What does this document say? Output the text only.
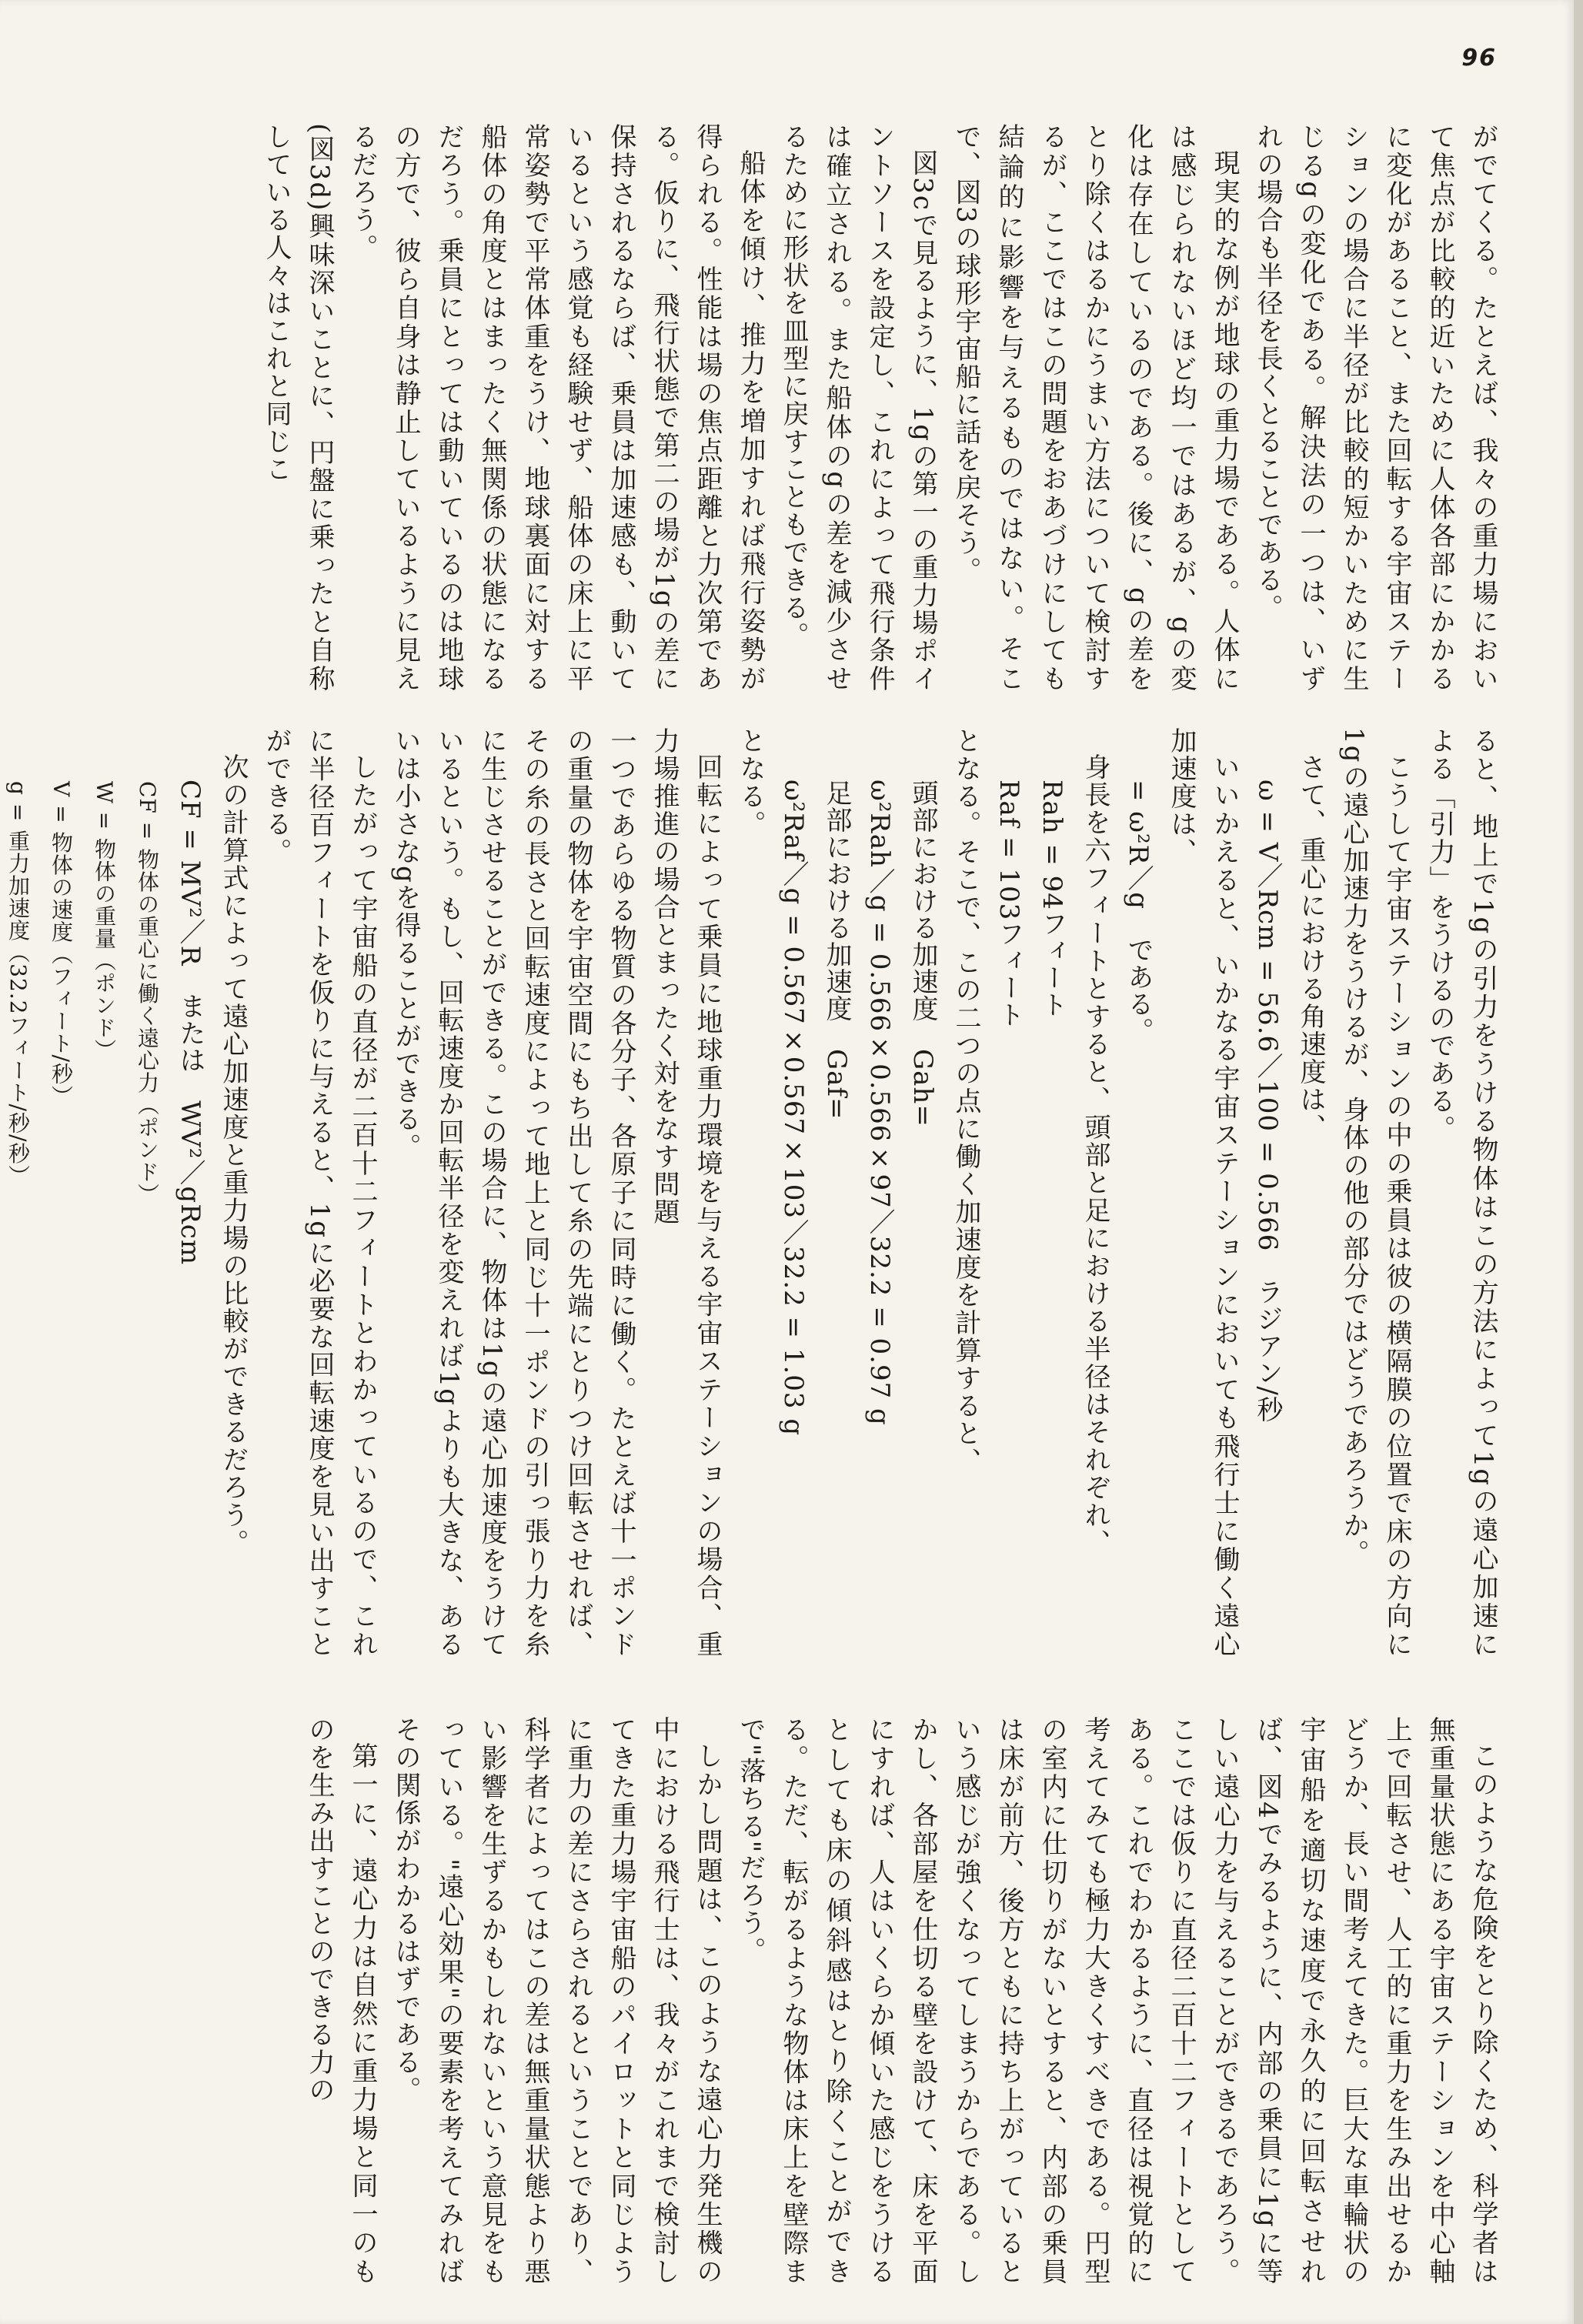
96

がでてくる。たとえば、我々の重力場において焦点が比較的近いために人体各部にかかるに変化があること、また回転する宇宙ステーションの場合に半径が比較的短かいために生じるgの変化である。解決法の一つは、いずれの場合も半径を長くとることである。

現実的な例が地球の重力場である。人体には感じられないほど均一ではあるが、gの変化は存在しているのである。後に、gの差をとり除くはるかにうまい方法について検討するが、ここではこの問題をおあづけにしても結論的に影響を与えるものではない。そこで、図3の球形宇宙船に話を戻そう。

図3cで見るように、1gの第一の重力場ポイントソースを設定し、これによって飛行条件は確立される。また船体のgの差を減少させるために形状を皿型に戻すこともできる。

船体を傾け、推力を増加すれば飛行姿勢が得られる。性能は場の焦点距離と力次第である。仮りに、飛行状態で第二の場が1gの差に保持されるならば、乗員は加速感も、動いているという感覚も経験せず、船体の床上に平常姿勢で平常体重をうけ、地球裏面に対する船体の角度とはまったく無関係の状態になるだろう。乗員にとっては動いているのは地球の方で、彼ら自身は静止しているように見えるだろう。

(図3d)興味深いことに、円盤に乗ったと自称している人々はこれと同じこ

ると、地上で1gの引力をうける物体はこの方法によって1gの遠心加速による「引力」をうけるのである。

こうして宇宙ステーションの中の乗員は彼の横隔膜の位置で床の方向に1gの遠心加速力をうけるが、身体の他の部分ではどうであろうか。

さて、重心における角速度は、

ω = V／Rcm = 56.6／100 = 0.566　ラジアン/秒

いいかえると、いかなる宇宙ステーションにおいても飛行士に働く遠心加速度は、

= ω²R／g　である。

身長を六フィートとすると、頭部と足における半径はそれぞれ、

Rah = 94フィート

Raf = 103フィート

となる。そこで、この二つの点に働く加速度を計算すると、

頭部における加速度　Gah=

ω²Rah／g = 0.566×0.566×97／32.2 = 0.97 g

足部における加速度　Gaf=

ω²Raf／g = 0.567×0.567×103／32.2 = 1.03 g

となる。

回転によって乗員に地球重力環境を与える宇宙ステーションの場合、重力場推進の場合とまったく対をなす問題

一つであらゆる物質の各分子、各原子に同時に働く。たとえば十一ポンドの重量の物体を宇宙空間にもち出して糸の先端にとりつけ回転させれば、その糸の長さと回転速度によって地上と同じ十一ポンドの引っ張り力を糸に生じさせることができる。この場合に、物体は1gの遠心加速度をうけているという。もし、回転速度か回転半径を変えれば1gよりも大きな、あるいは小さなgを得ることができる。

したがって宇宙船の直径が二百十二フィートとわかっているので、これに半径百フィートを仮りに与えると、1gに必要な回転速度を見い出すことができる。

次の計算式によって遠心加速度と重力場の比較ができるだろう。

CF = MV²／R　または　WV²／gRcm

CF = 物体の重心に働く遠心力（ポンド）

W = 物体の重量（ポンド）

V = 物体の速度（フィート/秒）

g = 重力加速度（32.2フィート/秒/秒）

このような危険をとり除くため、科学者は無重量状態にある宇宙ステーションを中心軸上で回転させ、人工的に重力を生み出せるかどうか、長い間考えてきた。巨大な車輪状の宇宙船を適切な速度で永久的に回転させれば、図4でみるように、内部の乗員に1gに等しい遠心力を与えることができるであろう。ここでは仮りに直径二百十二フィートとしてある。これでわかるように、直径は視覚的に考えてみても極力大きくすべきである。円型の室内に仕切りがないとすると、内部の乗員は床が前方、後方ともに持ち上がっているという感じが強くなってしまうからである。しかし、各部屋を仕切る壁を設けて、床を平面にすれば、人はいくらか傾いた感じをうけるとしても床の傾斜感はとり除くことができる。ただ、転がるような物体は床上を壁際まで"落ちる"だろう。

しかし問題は、このような遠心力発生機の中における飛行士は、我々がこれまで検討してきた重力場宇宙船のパイロットと同じように重力の差にさらされるということであり、科学者によってはこの差は無重量状態より悪い影響を生ずるかもしれないという意見をもっている。"遠心効果"の要素を考えてみればその関係がわかるはずである。

第一に、遠心力は自然に重力場と同一のものを生み出すことのできる力の
